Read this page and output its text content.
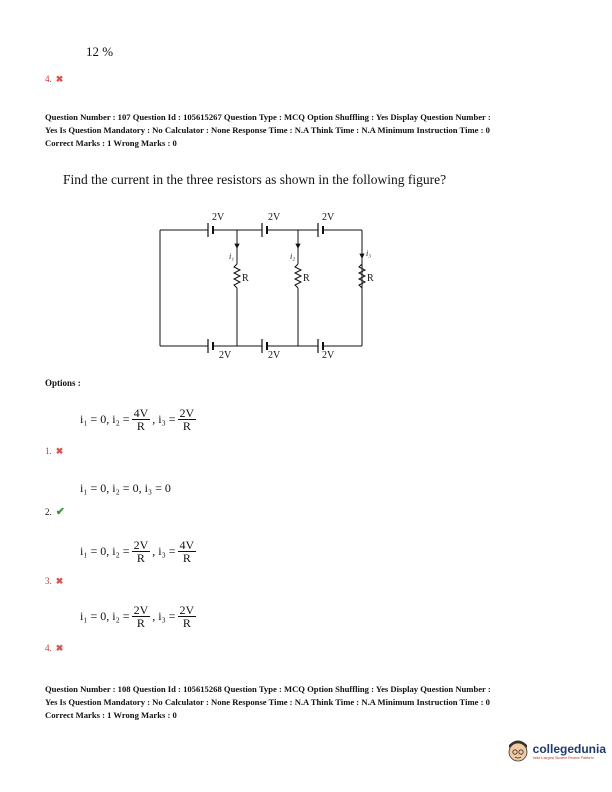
12 %
4. ✖
Question Number : 107 Question Id : 105615267 Question Type : MCQ Option Shuffling : Yes Display Question Number :
Yes Is Question Mandatory : No Calculator : None Response Time : N.A Think Time : N.A Minimum Instruction Time : 0
Correct Marks : 1 Wrong Marks : 0
Find the current in the three resistors as shown in the following figure?
2V	2V	2V
2V	2V	2V
R	R	R
i₁	i₂	i₃
Options :
i₁ = 0, $i_2 = \frac{4V}{R}$ , $i_3 = \frac{2V}{R}$
1. ✖
i₁ = 0, i₂ = 0, i₃ = 0
2. ✔
i₁ = 0, $i_2 = \frac{2V}{R}$ , $i_3 = \frac{4V}{R}$
3. ✖
i₁ = 0, $i_2 = \frac{2V}{R}$ , $i_3 = \frac{2V}{R}$
4. ✖
Question Number : 108 Question Id : 105615268 Question Type : MCQ Option Shuffling : Yes Display Question Number :
Yes Is Question Mandatory : No Calculator : None Response Time : N.A Think Time : N.A Minimum Instruction Time : 0
Correct Marks : 1 Wrong Marks : 0
collegedunia
India's largest Student Review Platform
